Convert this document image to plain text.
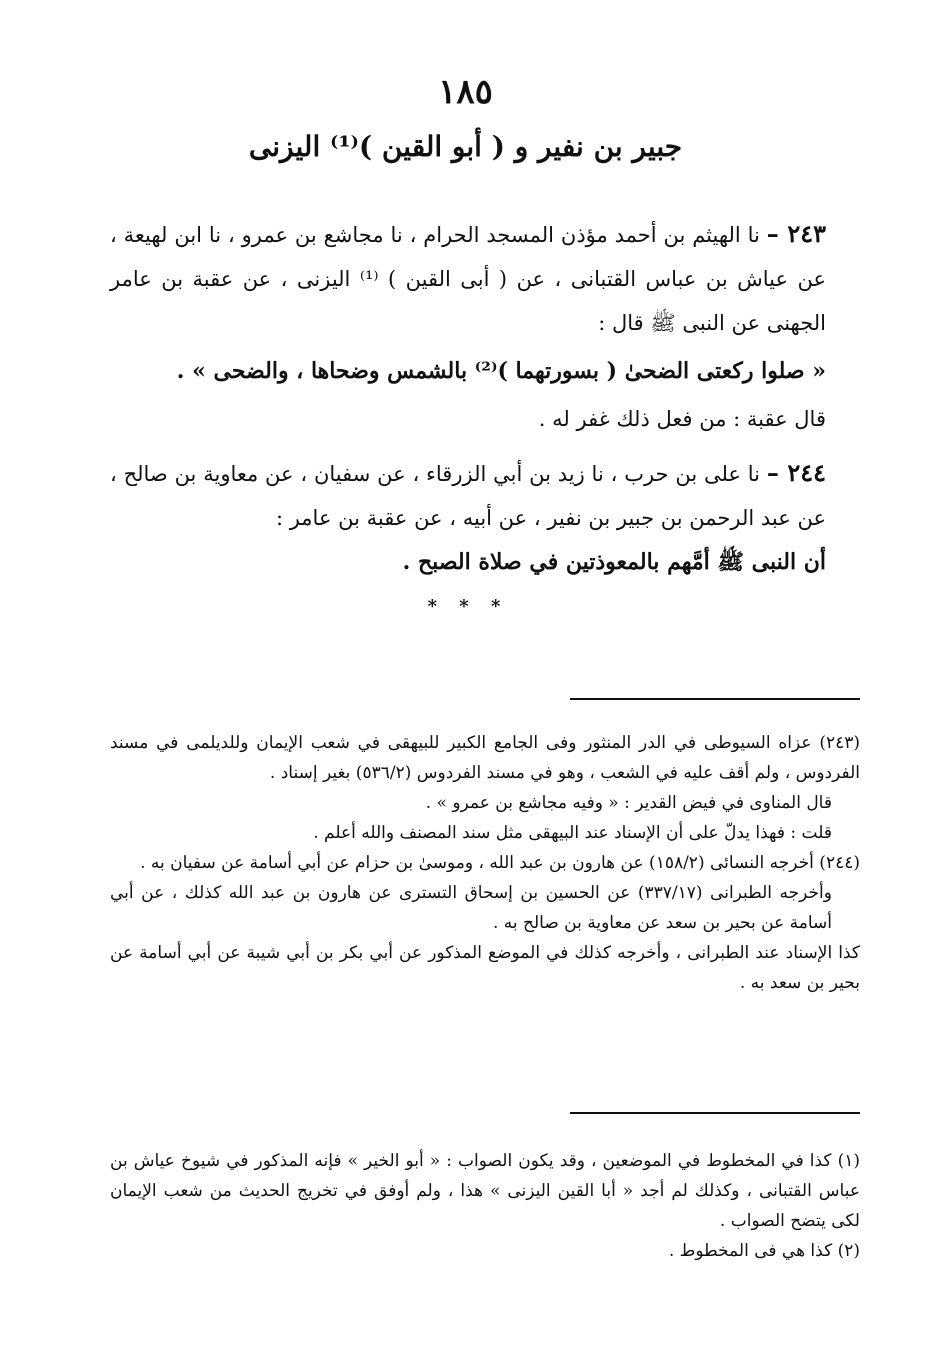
١٨٥
جبير بن نفير و ( أبو القين )⁽¹⁾ اليزنى

٢٤٣ – نا الهيثم بن أحمد مؤذن المسجد الحرام ، نا مجاشع بن عمرو ، نا ابن لهيعة ، عن عياش بن عباس القتبانى ، عن ( أبى القين ) ⁽¹⁾ اليزنى ، عن عقبة بن عامر الجهنى عن النبى ﷺ قال :

« صلوا ركعتى الضحىٰ ( بسورتهما )⁽²⁾ بالشمس وضحاها ، والضحى » .

قال عقبة : من فعل ذلك غفر له .

٢٤٤ – نا على بن حرب ، نا زيد بن أبي الزرقاء ، عن سفيان ، عن معاوية بن صالح ، عن عبد الرحمن بن جبير بن نفير ، عن أبيه ، عن عقبة بن عامر :

أن النبى ﷺ أمَّهم بالمعوذتين في صلاة الصبح .

* * *

(٢٤٣) عزاه السيوطى في الدر المنثور وفى الجامع الكبير للبيهقى في شعب الإيمان وللديلمى في مسند الفردوس ، ولم أقف عليه في الشعب ، وهو في مسند الفردوس (٥٣٦/٢) بغير إسناد .

قال المناوى في فيض القدير : « وفيه مجاشع بن عمرو » .

قلت : فهذا يدلّ على أن الإسناد عند البيهقى مثل سند المصنف والله أعلم .

(٢٤٤) أخرجه النسائى (١٥٨/٢) عن هارون بن عبد الله ، وموسىٰ بن حزام عن أبي أسامة عن سفيان به .

وأخرجه الطبرانى (٣٣٧/١٧) عن الحسين بن إسحاق التسترى عن هارون بن عبد الله كذلك ، عن أبي أسامة عن بحير بن سعد عن معاوية بن صالح به .

كذا الإسناد عند الطبرانى ، وأخرجه كذلك في الموضع المذكور عن أبي بكر بن أبي شيبة عن أبي أسامة عن بحير بن سعد به .

(١) كذا في المخطوط في الموضعين ، وقد يكون الصواب : « أبو الخير » فإنه المذكور في شيوخ عياش بن عباس القتبانى ، وكذلك لم أجد « أبا القين اليزنى » هذا ، ولم أوفق في تخريج الحديث من شعب الإيمان لكى يتضح الصواب .

(٢) كذا هي فى المخطوط .
